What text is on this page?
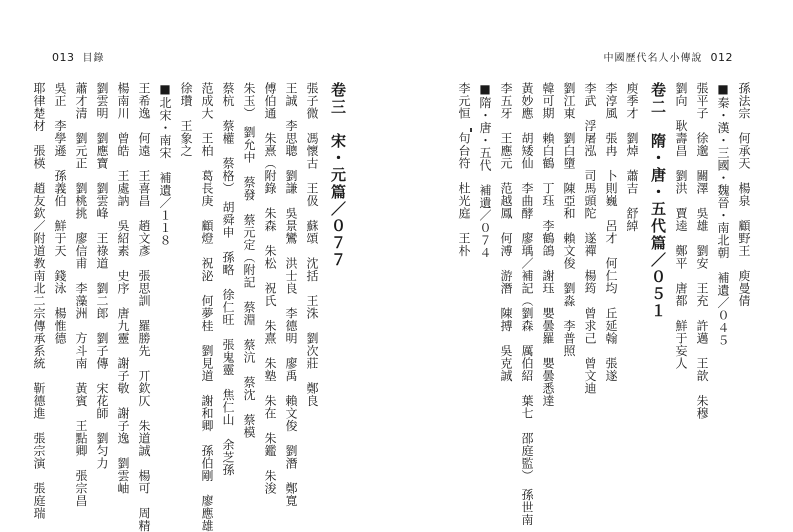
013 目錄	中國歷代名人小傳說 012
孫法宗　何承天　楊泉　顧野王　庾曼倩
■秦・漢・三國・魏晉・南北朝　補遺／０４５
張平子　徐邈　關澤　吳雄　劉安　王充　許邁　王歆　朱穆
劉向　耿壽昌　劉洪　賈逵　鄭平　唐都　鮮于妄人
卷二　隋・唐・五代篇／０５１
庾季才　劉焯　蕭吉　舒綽
李淳風　張冉　卜則巍　呂才　何仁均　丘延翰　張遂
李武　浮屠泓　司馬頭陀　遂禪　楊筠　曾求己　曾文迪
劉江東　劉白墮　陳亞和　賴文俊　劉淼　李普照
韓可期　賴白鶴　丁珏　李鶴鴿　謝珏　嬰曇羅　嬰曇悉達
黃妙應　胡矮仙　李曲酵　廖瑀／補記（劉森　厲伯紹　葉七　邵庭監）　孫世南
李五牙　王應元　范越鳳　何溥　游潛　陳搏　吳克誠
■隋・唐・五代　補遺／０７４
李元恒　句台符　杜光庭　王朴
卷三　宋・元篇／０７７
張子微　馮懷古　王伋　蘇頌　沈括　王洙　劉次莊　鄭良
王誠　李思聰　劉謙　吳景鸞　洪士良　李德明　廖禹　賴文俊　劉潛　鄭寬
傅伯通　朱熹（附錄　朱森　朱松　祝氏　朱熹　朱塾　朱在　朱鑑　朱浚
朱玉）　劉允中　蔡發　蔡元定（附記　蔡淵　蔡沆　蔡沈　蔡模
蔡杭　蔡權　蔡格）　胡舜申　孫略　徐仁旺　張鬼靈　焦仁山　余芝孫
范成大　王柏　葛長庚　顧燈　祝泌　何夢桂　劉見道　謝和卿　孫伯剛　廖應雄
徐瓚　王象之
■北宋・南宋　補遺／１１８
王希逸　何遠　王喜昌　趙文彥　張思訓　羅勝先　丌欽仄　朱道誠　楊可　周精
楊南川　曾皓　王處訥　吳紹素　史序　唐九靈　謝子敬　謝子逸　劉雲岫
劉雲明　劉應寶　劉雲峰　王祿道　劉二郎　劉子傳　宋花師　劉匀力
蕭才清　劉元正　劉桃挑　廖信甫　李藻洲　方斗南　黃賓　王點卿　張宗昌
吳正　李學遜　孫義伯　鮮于天　錢泳　楊惟德
耶律楚材　張楧　趙友欽／附道教南北二宗傳承系統　靳德進　張宗演　張庭瑞
